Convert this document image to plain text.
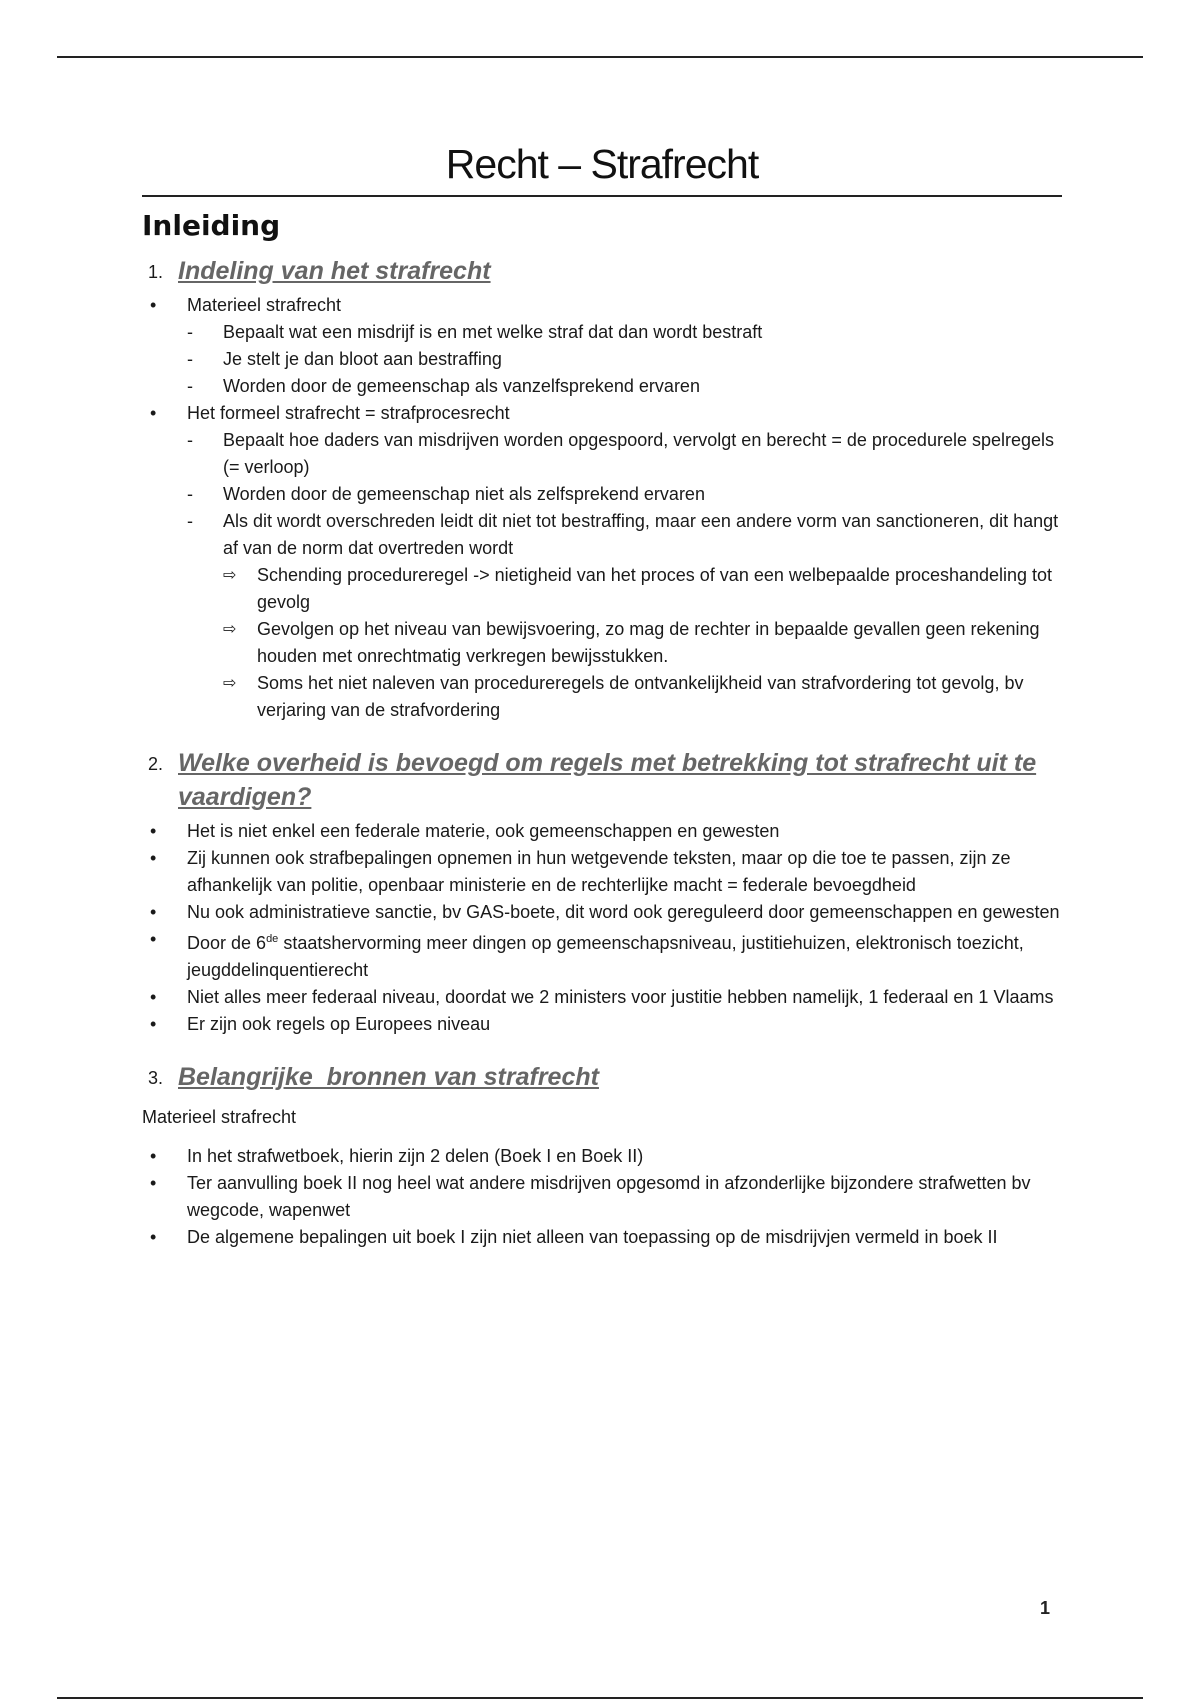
Recht – Strafrecht
Inleiding
1. Indeling van het strafrecht
• Materieel strafrecht
- Bepaalt wat een misdrijf is en met welke straf dat dan wordt bestraft
- Je stelt je dan bloot aan bestraffing
- Worden door de gemeenschap als vanzelfsprekend ervaren
• Het formeel strafrecht = strafprocesrecht
- Bepaalt hoe daders van misdrijven worden opgespoord, vervolgt en berecht = de procedurele spelregels (= verloop)
- Worden door de gemeenschap niet als zelfsprekend ervaren
- Als dit wordt overschreden leidt dit niet tot bestraffing, maar een andere vorm van sanctioneren, dit hangt af van de norm dat overtreden wordt
⇨ Schending procedureregel -> nietigheid van het proces of van een welbepaalde proceshandeling tot gevolg
⇨ Gevolgen op het niveau van bewijsvoering, zo mag de rechter in bepaalde gevallen geen rekening houden met onrechtmatig verkregen bewijsstukken.
⇨ Soms het niet naleven van procedureregels de ontvankelijkheid van strafvordering tot gevolg, bv verjaring van de strafvordering
2. Welke overheid is bevoegd om regels met betrekking tot strafrecht uit te vaardigen?
• Het is niet enkel een federale materie, ook gemeenschappen en gewesten
• Zij kunnen ook strafbepalingen opnemen in hun wetgevende teksten, maar op die toe te passen, zijn ze afhankelijk van politie, openbaar ministerie en de rechterlijke macht = federale bevoegdheid
• Nu ook administratieve sanctie, bv GAS-boete, dit word ook gereguleerd door gemeenschappen en gewesten
• Door de 6de staatshervorming meer dingen op gemeenschapsniveau, justitiehuizen, elektronisch toezicht, jeugddelinquentierecht
• Niet alles meer federaal niveau, doordat we 2 ministers voor justitie hebben namelijk, 1 federaal en 1 Vlaams
• Er zijn ook regels op Europees niveau
3. Belangrijke  bronnen van strafrecht
Materieel strafrecht
• In het strafwetboek, hierin zijn 2 delen (Boek I en Boek II)
• Ter aanvulling boek II nog heel wat andere misdrijven opgesomd in afzonderlijke bijzondere strafwetten bv wegcode, wapenwet
• De algemene bepalingen uit boek I zijn niet alleen van toepassing op de misdrijvjen vermeld in boek II
1
